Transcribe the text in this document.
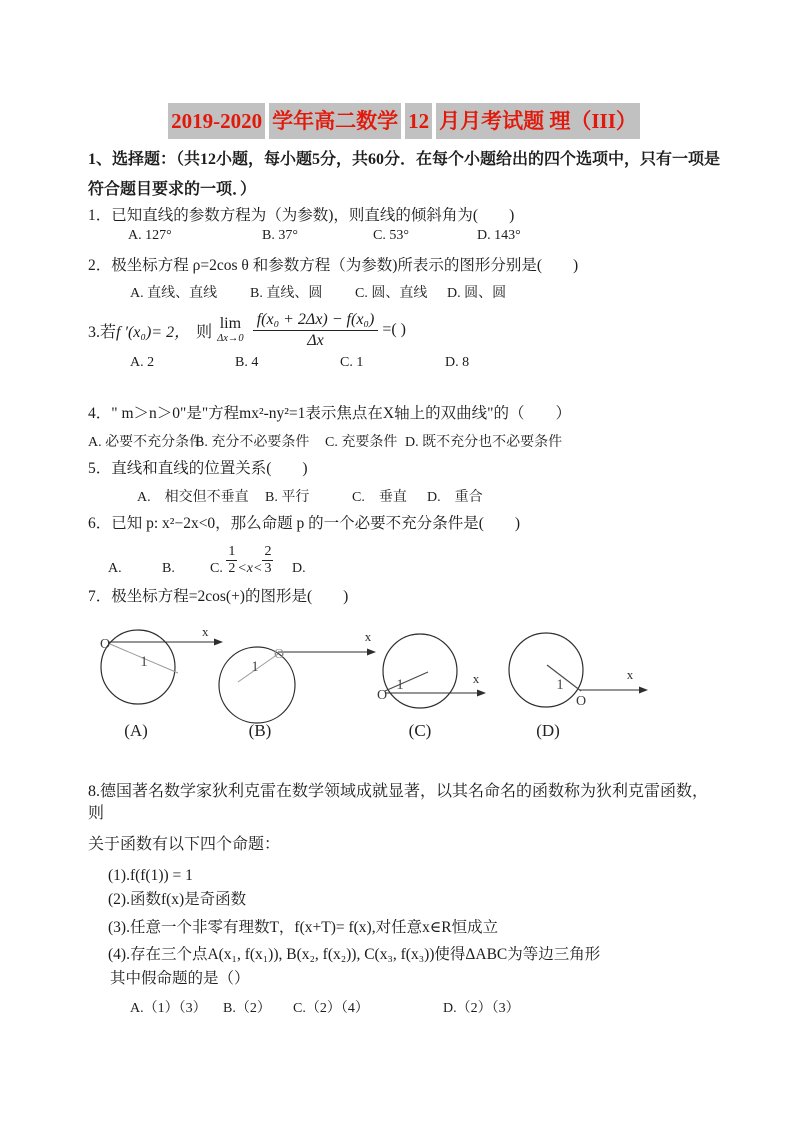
2019-2020 学年高二数学 12 月月考试题 理（III）

1、选择题：（共12小题，每小题5分，共60分．在每个小题给出的四个选项中，只有一项是符合题目要求的一项．）

1．已知直线的参数方程为（为参数)，则直线的倾斜角为(　　)

A. 127°	B. 37°	C. 53°	D. 143°

2．极坐标方程 ρ=2cos θ 和参数方程（为参数)所表示的图形分别是(　　)

A. 直线、直线 B. 直线、圆 C. 圆、直线 D. 圆、圆
3.若 f ′(x₀)= 2， 则
lim
$\Delta x\to 0 \frac{\text{f(x₀ + 2Δx) − f(x₀)}}{\Delta x}$ =( )
A. 2	B. 4	C. 1	D. 8

4．" m＞n＞0"是"方程mx²-ny²=1表示焦点在X轴上的双曲线"的（　　）

A. 必要不充分条件
B. 充分不必要条件 C. 充要条件 D. 既不充分也不必要条件

5．直线和直线的位置关系(　　)

A.　相交但不垂直 B. 平行	C.　垂直 D.　重合

6．已知 p: x²−2x<0，那么命题 p 的一个必要不充分条件是(　　)

A.	B.	C. $\frac{1}{2} <x< \frac{2}{3} D$.

7．极坐标方程=2cos(+)的图形是(　　)

O
x
1
(A)
O
x
1
(B)
O
x
1
(C)
O
x
1
(D)

8.德国著名数学家狄利克雷在数学领域成就显著，以其名命名的函数称为狄利克雷函数，则

关于函数有以下四个命题：

(1).f(f(1)) = 1

(2).函数f(x)是奇函数

(3).任意一个非零有理数T，f(x+T)= f(x),对任意x∈R恒成立

(4).存在三个点A(x₁, f(x₁)), B(x₂, f(x₂)), C(x₃, f(x₃))使得ΔABC为等边三角形

其中假命题的是（）

A.（1）（3） B.（2） C.（2）（4）	D.（2）（3）
